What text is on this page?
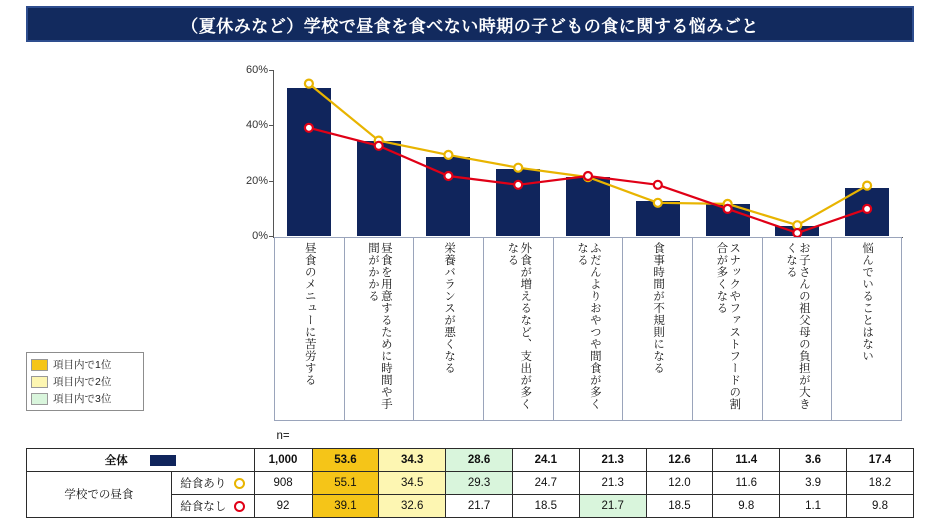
（夏休みなど）学校で昼食を食べない時期の子どもの食に関する悩みごと
0%
20%
40%
60%
昼食のメニューに苦労する	昼食を用意するために時間や手間がかかる	栄養バランスが悪くなる	外食が増えるなど、支出が多くなる	ふだんよりおやつや間食が多くなる	食事時間が不規則になる	スナックやファストフードの割合が多くなる	お子さんの祖父母の負担が大きくなる	悩んでいることはない
項目内で1位
項目内で2位
項目内で3位
		n=									
全体		1,000	53.6	34.3	28.6	24.1	21.3	12.6	11.4	3.6	17.4
学校での昼食	給食あり	908	55.1	34.5	29.3	24.7	21.3	12.0	11.6	3.9	18.2
	給食なし	92	39.1	32.6	21.7	18.5	21.7	18.5	9.8	1.1	9.8
